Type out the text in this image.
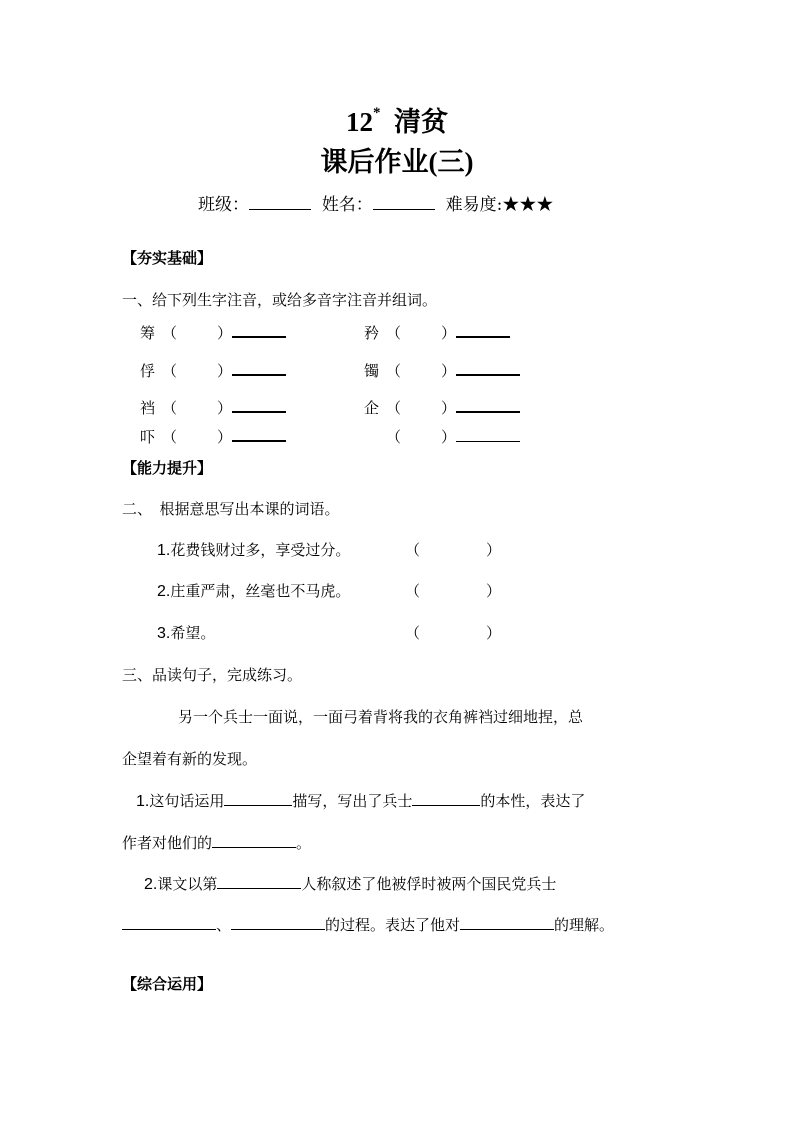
12* 清贫
课后作业(三)
班级：	姓名：	难易度:★★★
【夯实基础】
一、给下列生字注音，或给多音字注音并组词。
筹 （	）	矜 （	）
俘 （	）	镯 （	）
裆 （	）	企 （	）
吓 （	）	（	）
【能力提升】
二、　根据意思写出本课的词语。
1.花费钱财过多，享受过分。	（	）
2.庄重严肃，丝毫也不马虎。	（	）
3.希望。	（	）
三、品读句子，完成练习。
另一个兵士一面说，一面弓着背将我的衣角裤裆过细地捏，总
企望着有新的发现。
1.这句话运用	描写，写出了兵士	的本性，表达了
作者对他们的	。
2.课文以第	人称叙述了他被俘时被两个国民党兵士
、	的过程。表达了他对	的理解。
【综合运用】
